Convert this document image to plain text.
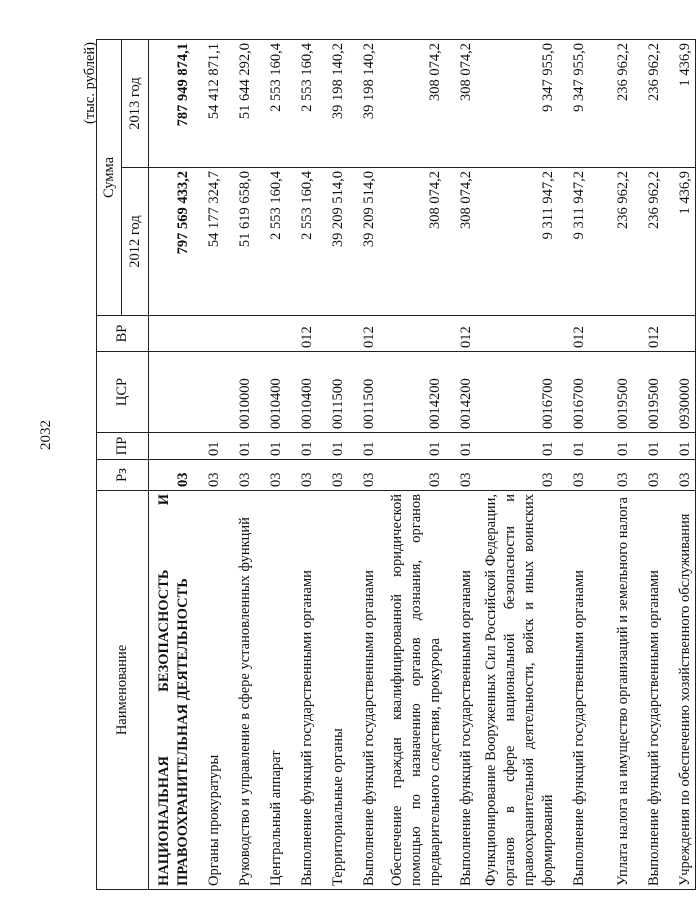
2032
(тыс. рублей)
Наименование	Рз	ПР	ЦСР	ВР	Сумма	
					2012 год	2013 год
НАЦИОНАЛЬНАЯ БЕЗОПАСНОСТЬ И ПРАВООХРАНИТЕЛЬНАЯ ДЕЯТЕЛЬНОСТЬ	03				797 569 433,2	787 949 874,1
Органы прокуратуры	03	01			54 177 324,7	54 412 871,1
Руководство и управление в сфере установленных функций	03	01	0010000		51 619 658,0	51 644 292,0
Центральный аппарат	03	01	0010400		2 553 160,4	2 553 160,4
Выполнение функций государственными органами	03	01	0010400	012	2 553 160,4	2 553 160,4
Территориальные органы	03	01	0011500		39 209 514,0	39 198 140,2
Выполнение функций государственными органами	03	01	0011500	012	39 209 514,0	39 198 140,2
Обеспечение граждан квалифицированной юридической помощью по назначению органов дознания, органов предварительного следствия, прокурора	03	01	0014200		308 074,2	308 074,2
Выполнение функций государственными органами	03	01	0014200	012	308 074,2	308 074,2
Функционирование Вооруженных Сил Российской Федерации, органов в сфере национальной безопасности и правоохранительной деятельности, войск и иных воинских формирований	03	01	0016700		9 311 947,2	9 347 955,0
Выполнение функций государственными органами	03	01	0016700	012	9 311 947,2	9 347 955,0
Уплата налога на имущество организаций и земельного налога	03	01	0019500		236 962,2	236 962,2
Выполнение функций государственными органами	03	01	0019500	012	236 962,2	236 962,2
Учреждения по обеспечению хозяйственного обслуживания	03	01	0930000		1 436,9	1 436,9
